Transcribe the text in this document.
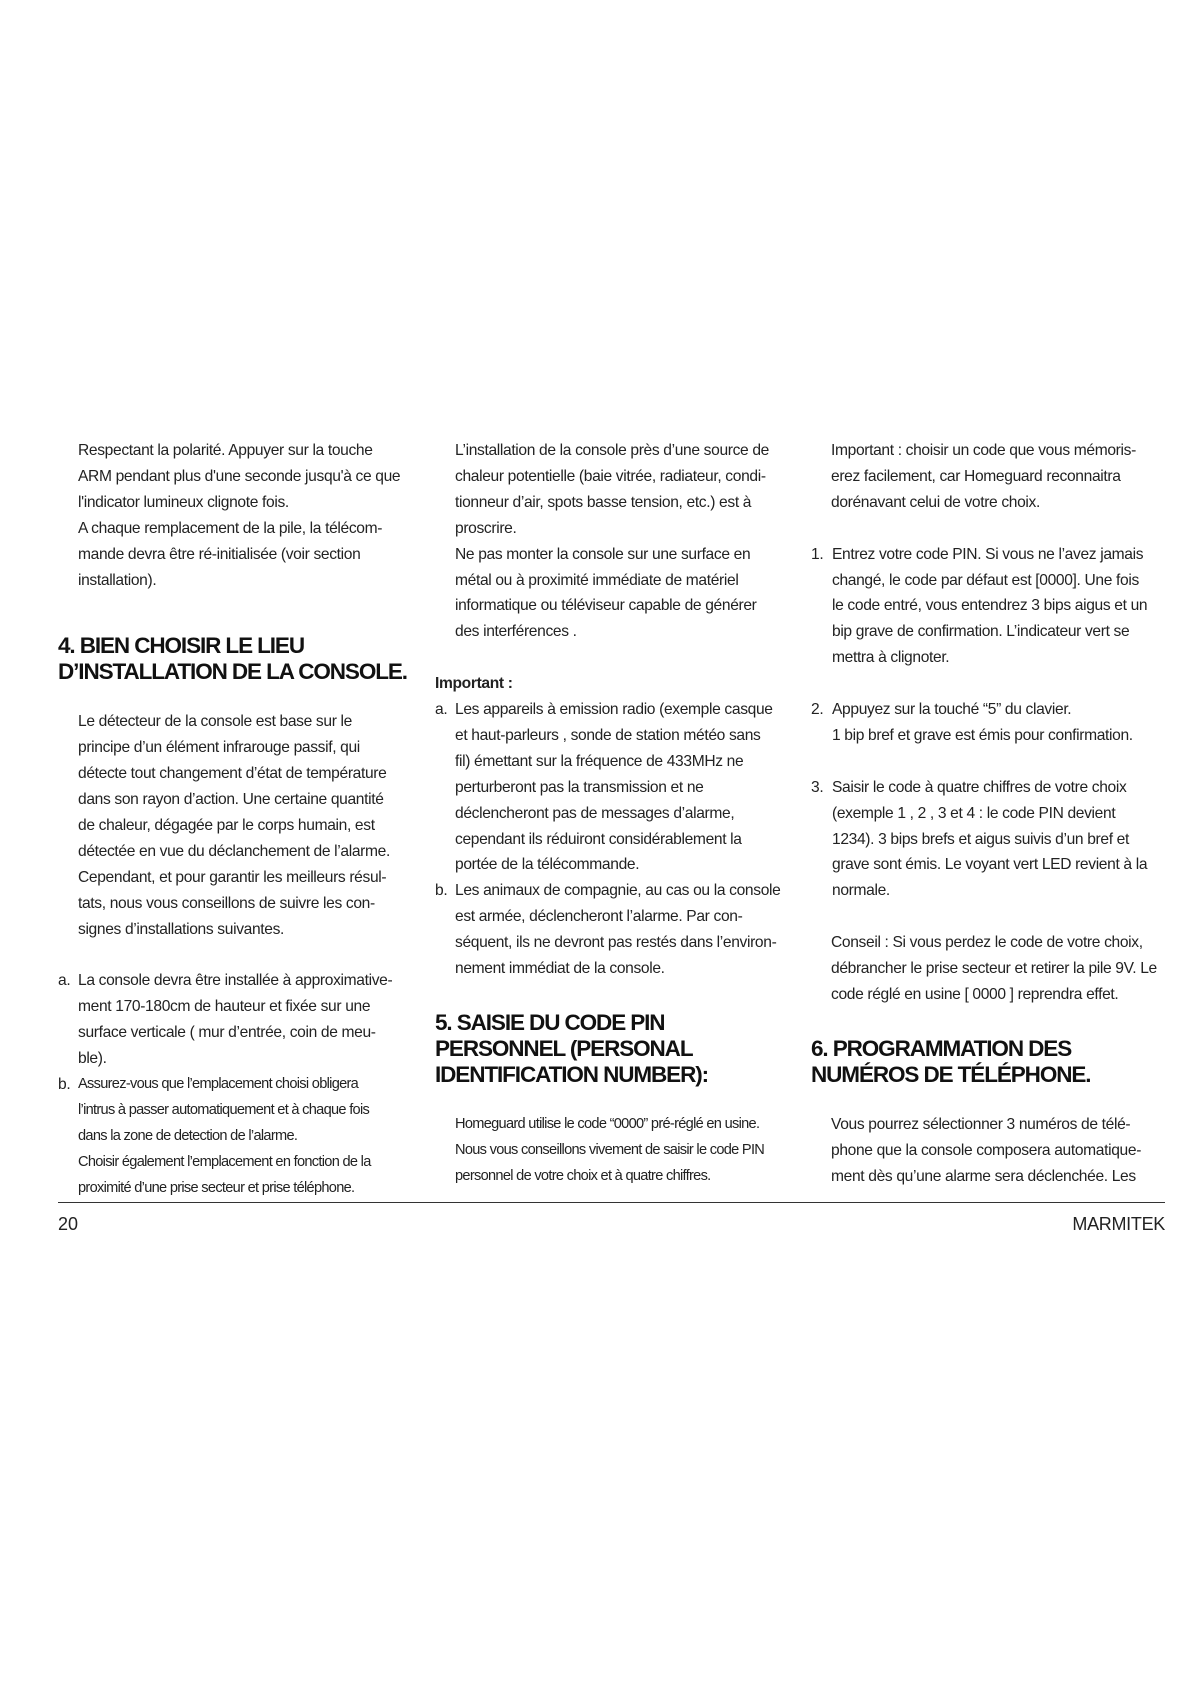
Respectant la polarité. Appuyer sur la touche

ARM pendant plus d'une seconde jusqu'à ce que

l'indicator lumineux clignote fois.

A chaque remplacement de la pile, la télécom-

mande devra être ré-initialisée (voir section

installation).

4. BIEN CHOISIR LE LIEU
D’INSTALLATION DE LA CONSOLE.

Le détecteur de la console est base sur le

principe d’un élément infrarouge passif, qui

détecte tout changement d’état de température

dans son rayon d’action. Une certaine quantité

de chaleur, dégagée par le corps humain, est

détectée en vue du déclanchement de l’alarme.

Cependant, et pour garantir les meilleurs résul-

tats, nous vous conseillons de suivre les con-

signes d’installations suivantes.

a. La console devra être installée à approximative-

ment 170-180cm de hauteur et fixée sur une

surface verticale ( mur d’entrée, coin de meu-

ble).

b. Assurez-vous que l’emplacement choisi obligera

l’intrus à passer automatiquement et à chaque fois

dans la zone de detection de l’alarme.

Choisir également l’emplacement en fonction de la

proximité d’une prise secteur et prise téléphone.

L’installation de la console près d’une source de

chaleur potentielle (baie vitrée, radiateur, condi-

tionneur d’air, spots basse tension, etc.) est à

proscrire.

Ne pas monter la console sur une surface en

métal ou à proximité immédiate de matériel

informatique ou téléviseur capable de générer

des interférences .

Important :

a. Les appareils à emission radio (exemple casque

et haut-parleurs , sonde de station météo sans

fil) émettant sur la fréquence de 433MHz ne

perturberont pas la transmission et ne

déclencheront pas de messages d’alarme,

cependant ils réduiront considérablement la

portée de la télécommande.

b. Les animaux de compagnie, au cas ou la console

est armée, déclencheront l’alarme. Par con-

séquent, ils ne devront pas restés dans l’environ-

nement immédiat de la console.

5. SAISIE DU CODE PIN
PERSONNEL (PERSONAL
IDENTIFICATION NUMBER):

Homeguard utilise le code “0000” pré-réglé en usine.

Nous vous conseillons vivement de saisir le code PIN

personnel de votre choix et à quatre chiffres.

Important : choisir un code que vous mémoris-

erez facilement, car Homeguard reconnaitra

dorénavant celui de votre choix.

1. Entrez votre code PIN. Si vous ne l’avez jamais

changé, le code par défaut est [0000]. Une fois

le code entré, vous entendrez 3 bips aigus et un

bip grave de confirmation. L’indicateur vert se

mettra à clignoter.

2. Appuyez sur la touché “5” du clavier.

1 bip bref et grave est émis pour confirmation.

3. Saisir le code à quatre chiffres de votre choix

(exemple 1 , 2 , 3 et 4 : le code PIN devient

1234). 3 bips brefs et aigus suivis d’un bref et

grave sont émis. Le voyant vert LED revient à la

normale.

Conseil : Si vous perdez le code de votre choix,

débrancher le prise secteur et retirer la pile 9V. Le

code réglé en usine [ 0000 ] reprendra effet.

6. PROGRAMMATION DES
NUMÉROS DE TÉLÉPHONE.

Vous pourrez sélectionner 3 numéros de télé-

phone que la console composera automatique-

ment dès qu’une alarme sera déclenchée. Les

20	MARMITEK
